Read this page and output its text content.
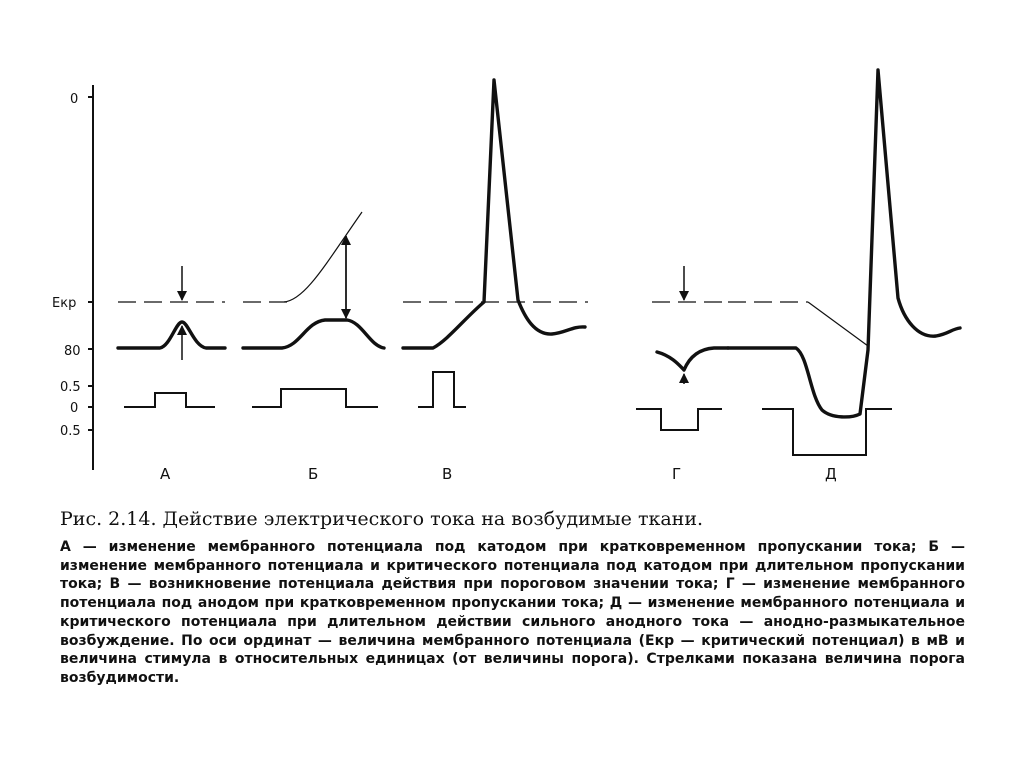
0
Екр
80
0.5
0
0.5
А	Б	В	Г	Д

Рис. 2.14. Действие электрического тока на возбудимые ткани.

А — изменение мембранного потенциала под катодом при кратковременном пропускании тока; Б — изменение мембранного потенциала и критического потенциала под катодом при длительном пропускании тока; В — возникновение потенциала действия при пороговом значении тока; Г — изменение мембранного потенциала под анодом при кратковременном пропускании тока; Д — изменение мембранного потенциала и критического потенциала при длительном действии сильного анодного тока — анодно-размыкательное возбуждение. По оси ординат — величина мембранного потенциала (Екр — критический потенциал) в мВ и величина стимула в относительных единицах (от величины порога). Стрелками показана величина порога возбудимости.
